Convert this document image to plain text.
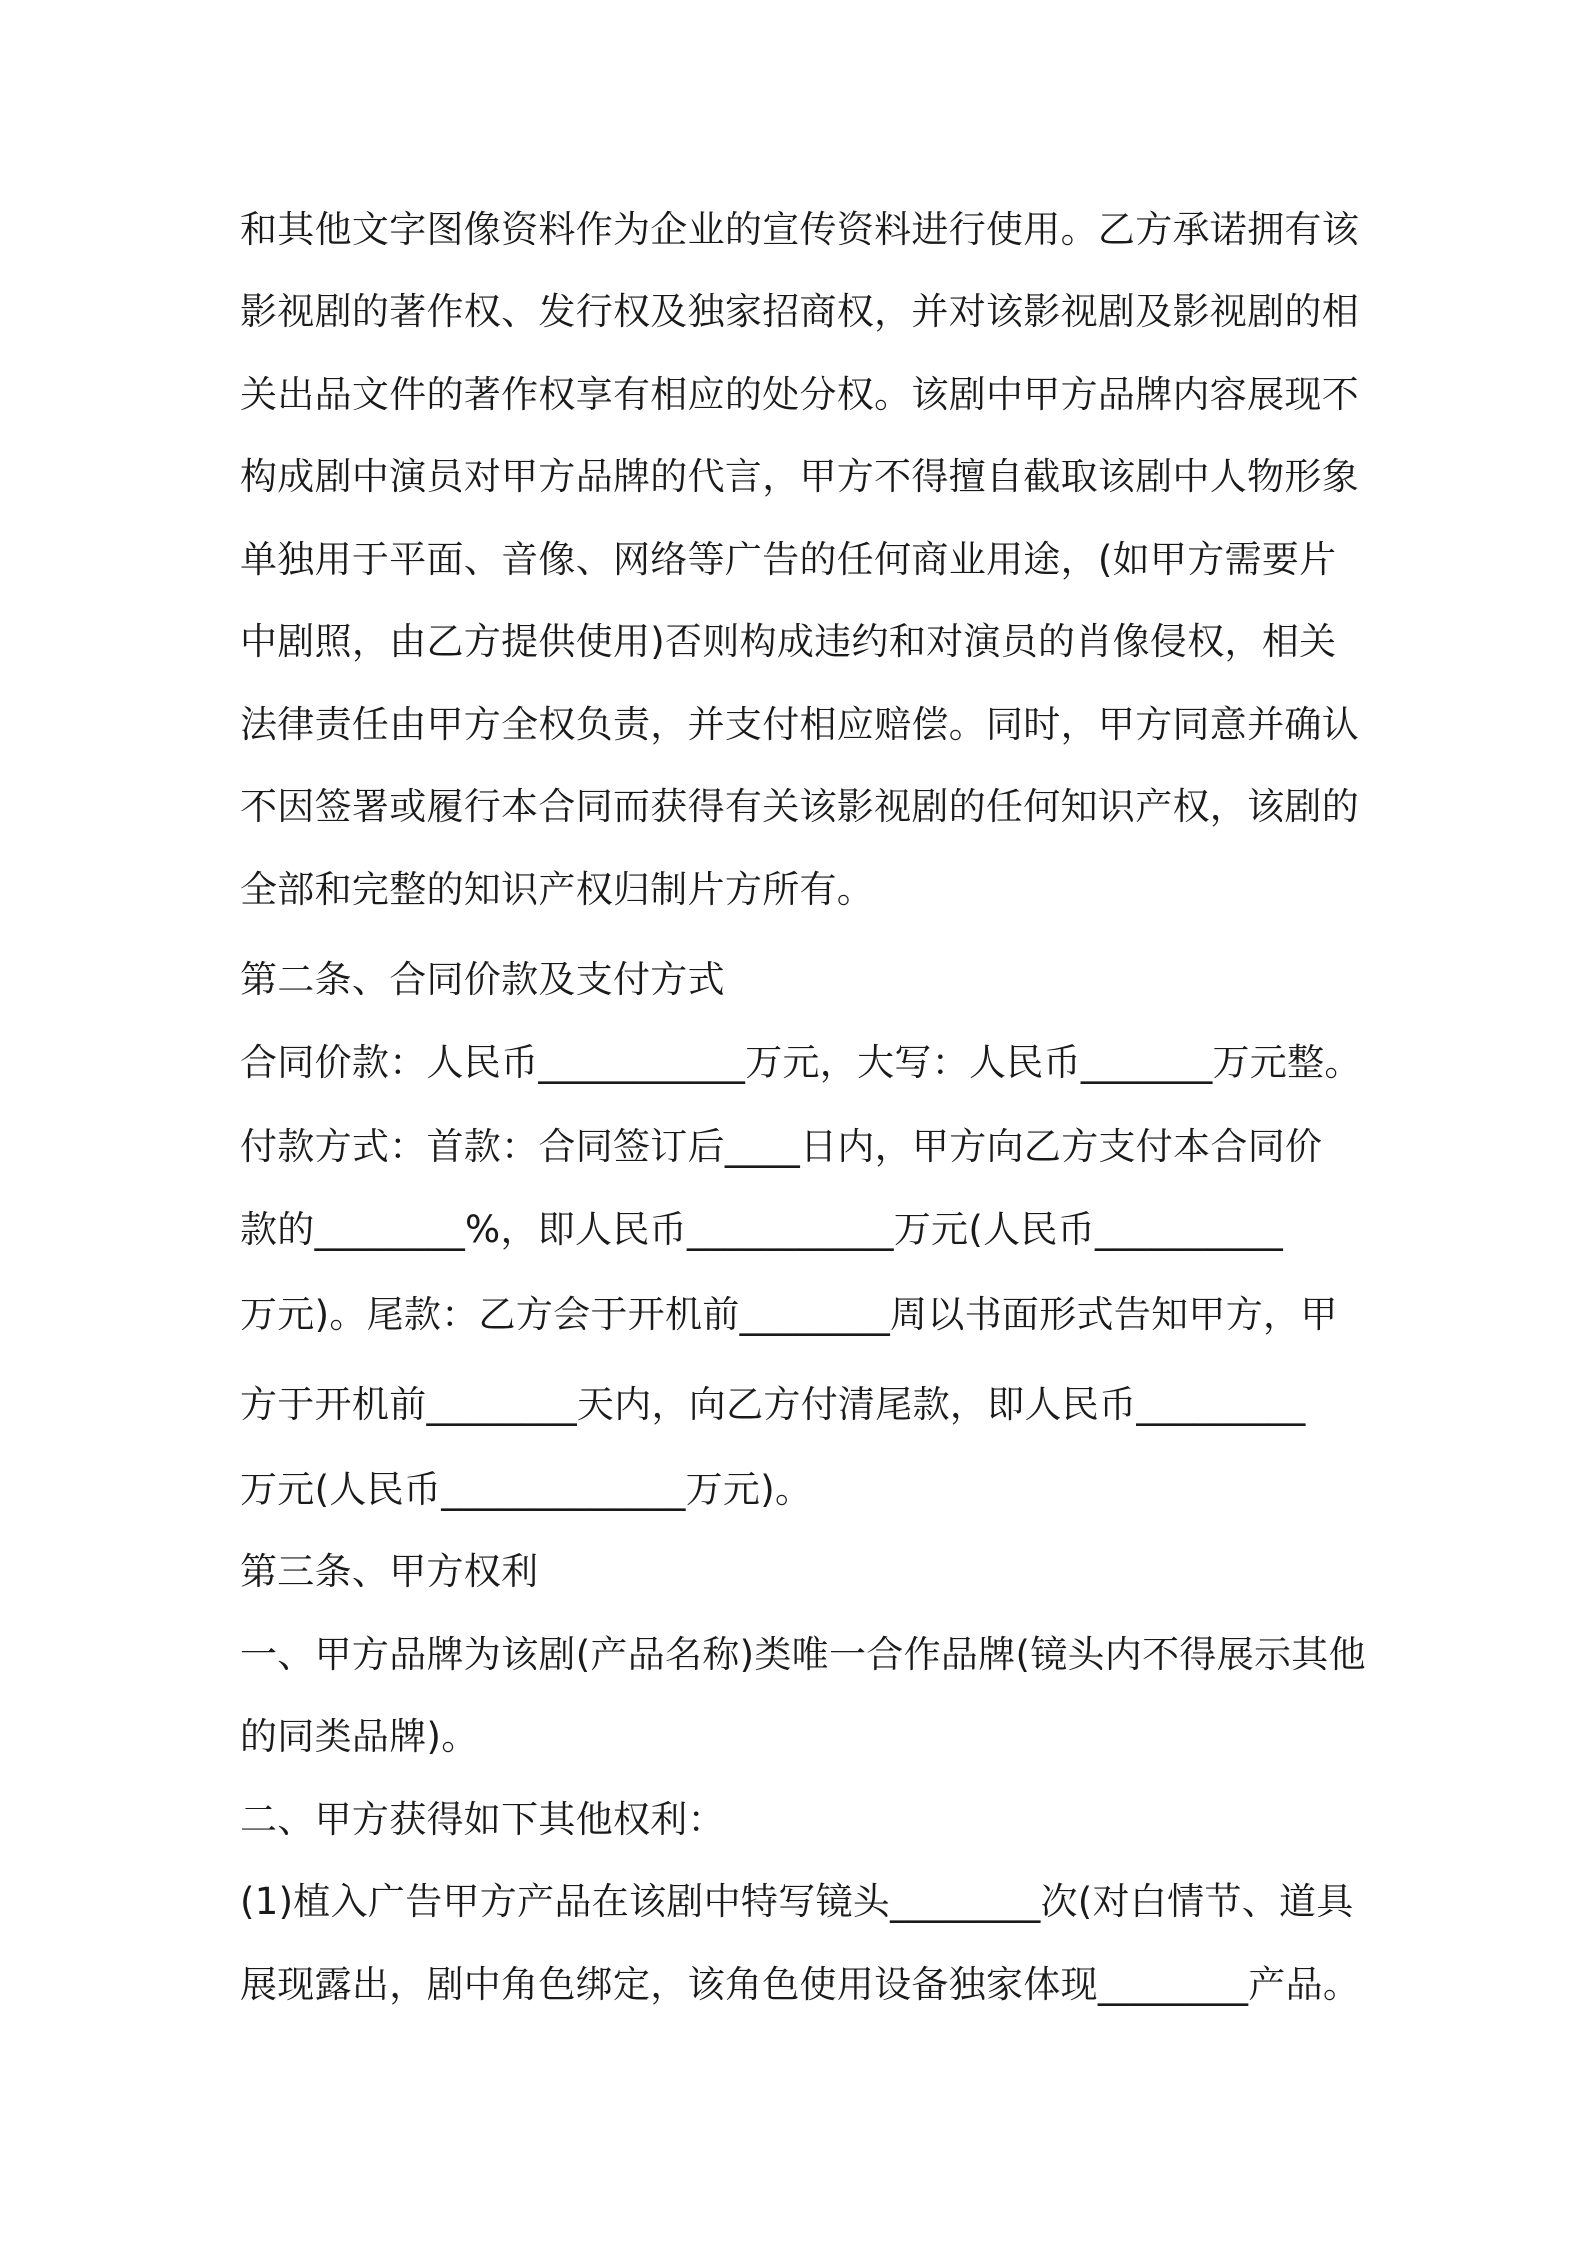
和其他文字图像资料作为企业的宣传资料进行使用。乙方承诺拥有该
影视剧的著作权、发行权及独家招商权，并对该影视剧及影视剧的相
关出品文件的著作权享有相应的处分权。该剧中甲方品牌内容展现不
构成剧中演员对甲方品牌的代言，甲方不得擅自截取该剧中人物形象
单独用于平面、音像、网络等广告的任何商业用途，(如甲方需要片
中剧照，由乙方提供使用)否则构成违约和对演员的肖像侵权，相关
法律责任由甲方全权负责，并支付相应赔偿。同时，甲方同意并确认
不因签署或履行本合同而获得有关该影视剧的任何知识产权，该剧的
全部和完整的知识产权归制片方所有。
第二条、合同价款及支付方式
合同价款：人民币___________万元，大写：人民币_______万元整。
付款方式：首款：合同签订后____日内，甲方向乙方支付本合同价
款的________%，即人民币___________万元(人民币__________
万元)。尾款：乙方会于开机前________周以书面形式告知甲方，甲
方于开机前________天内，向乙方付清尾款，即人民币_________
万元(人民币_____________万元)。
第三条、甲方权利
一、甲方品牌为该剧(产品名称)类唯一合作品牌(镜头内不得展示其他
的同类品牌)。
二、甲方获得如下其他权利：
(1)植入广告甲方产品在该剧中特写镜头________次(对白情节、道具
展现露出，剧中角色绑定，该角色使用设备独家体现________产品。
